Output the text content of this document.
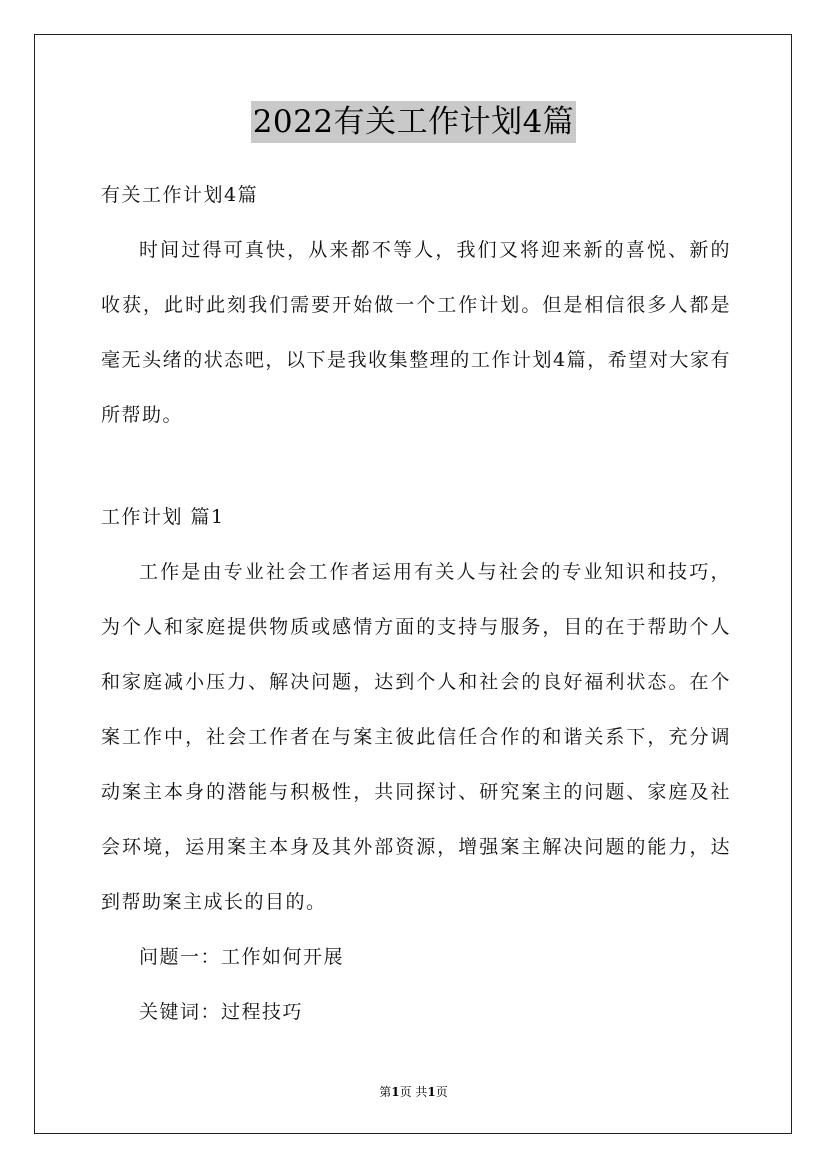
2022有关工作计划4篇

有关工作计划4篇

时间过得可真快，从来都不等人，我们又将迎来新的喜悦、新的收获，此时此刻我们需要开始做一个工作计划。但是相信很多人都是毫无头绪的状态吧，以下是我收集整理的工作计划4篇，希望对大家有所帮助。

工作计划 篇1

工作是由专业社会工作者运用有关人与社会的专业知识和技巧，为个人和家庭提供物质或感情方面的支持与服务，目的在于帮助个人和家庭减小压力、解决问题，达到个人和社会的良好福利状态。在个案工作中，社会工作者在与案主彼此信任合作的和谐关系下，充分调动案主本身的潜能与积极性，共同探讨、研究案主的问题、家庭及社会环境，运用案主本身及其外部资源，增强案主解决问题的能力，达到帮助案主成长的目的。

问题一：工作如何开展

关键词：过程技巧

第1页 共1页
